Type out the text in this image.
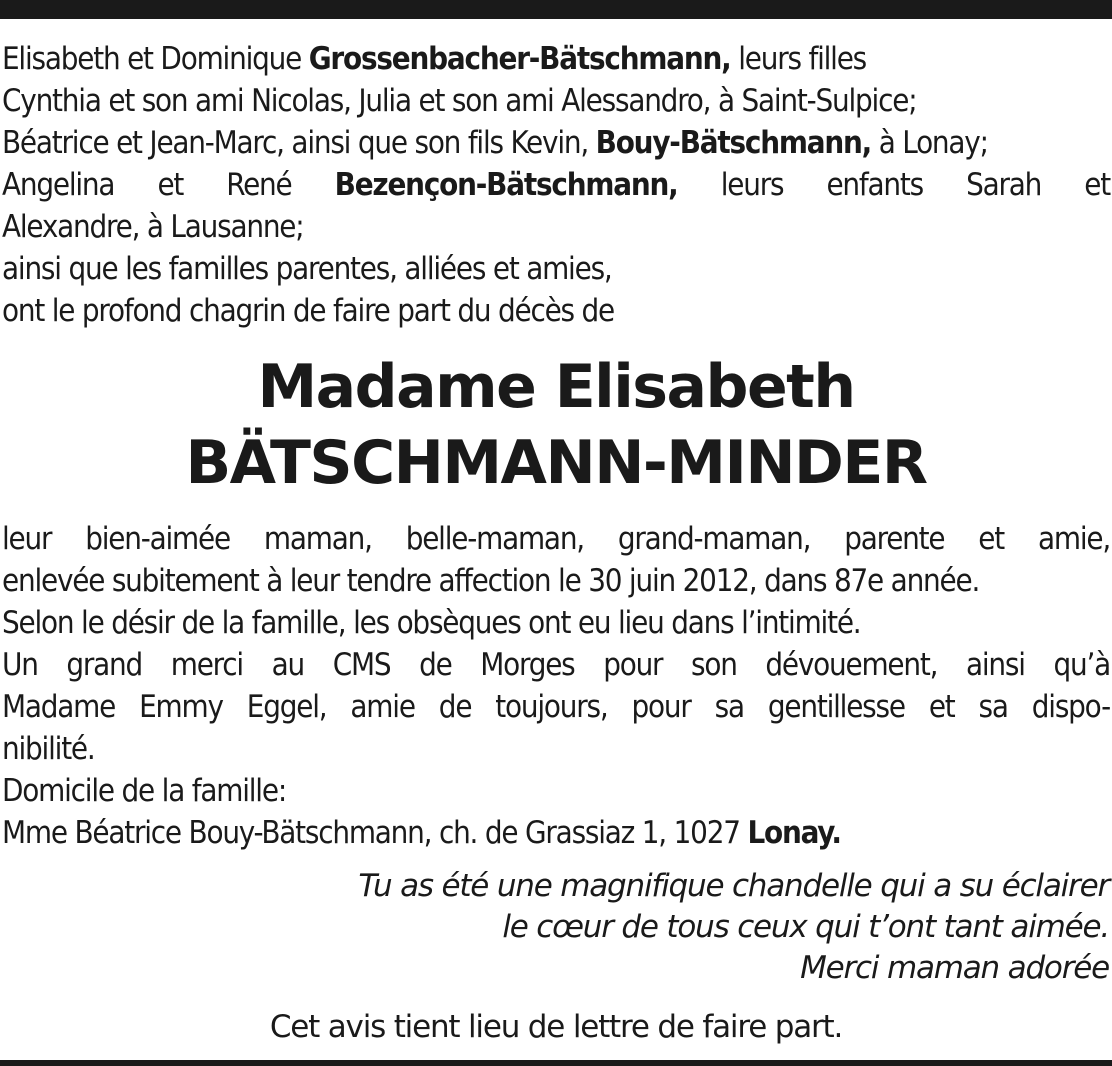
Elisabeth et Dominique Grossenbacher-Bätschmann, leurs filles
Cynthia et son ami Nicolas, Julia et son ami Alessandro, à Saint-Sulpice;
Béatrice et Jean-Marc, ainsi que son fils Kevin, Bouy-Bätschmann, à Lonay;
Angelina et René Bezençon-Bätschmann, leurs enfants Sarah et
Alexandre, à Lausanne;
ainsi que les familles parentes, alliées et amies,
ont le profond chagrin de faire part du décès de
Madame Elisabeth
BÄTSCHMANN-MINDER
leur bien-aimée maman, belle-maman, grand-maman, parente et amie,
enlevée subitement à leur tendre affection le 30 juin 2012, dans 87e année.
Selon le désir de la famille, les obsèques ont eu lieu dans l’intimité.
Un grand merci au CMS de Morges pour son dévouement, ainsi qu’à
Madame Emmy Eggel, amie de toujours, pour sa gentillesse et sa dispo-
nibilité.
Domicile de la famille:
Mme Béatrice Bouy-Bätschmann, ch. de Grassiaz 1, 1027 Lonay.
Tu as été une magnifique chandelle qui a su éclairer
le cœur de tous ceux qui t’ont tant aimée.
Merci maman adorée
Cet avis tient lieu de lettre de faire part.
